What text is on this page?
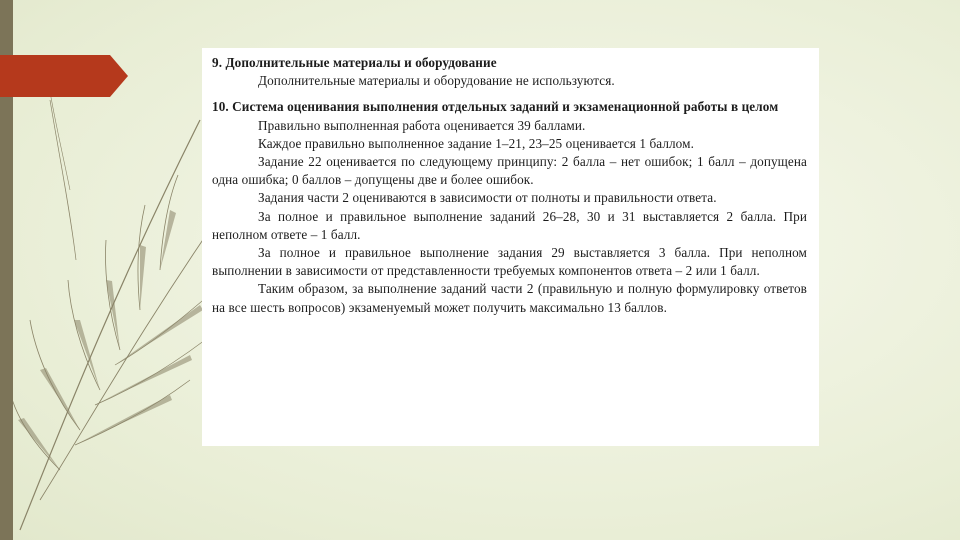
9. Дополнительные материалы и оборудование

Дополнительные материалы и оборудование не используются.

10. Система оценивания выполнения отдельных заданий и экзаменационной работы в целом

Правильно выполненная работа оценивается 39 баллами.

Каждое правильно выполненное задание 1–21, 23–25 оценивается 1 баллом.

Задание 22 оценивается по следующему принципу: 2 балла – нет ошибок; 1 балл – допущена одна ошибка; 0 баллов – допущены две и более ошибок.

Задания части 2 оцениваются в зависимости от полноты и правильности ответа.

За полное и правильное выполнение заданий 26–28, 30 и 31 выставляется 2 балла. При неполном ответе – 1 балл.

За полное и правильное выполнение задания 29 выставляется 3 балла. При неполном выполнении в зависимости от представленности требуемых компонентов ответа – 2 или 1 балл.

Таким образом, за выполнение заданий части 2 (правильную и полную формулировку ответов на все шесть вопросов) экзаменуемый может получить максимально 13 баллов.
